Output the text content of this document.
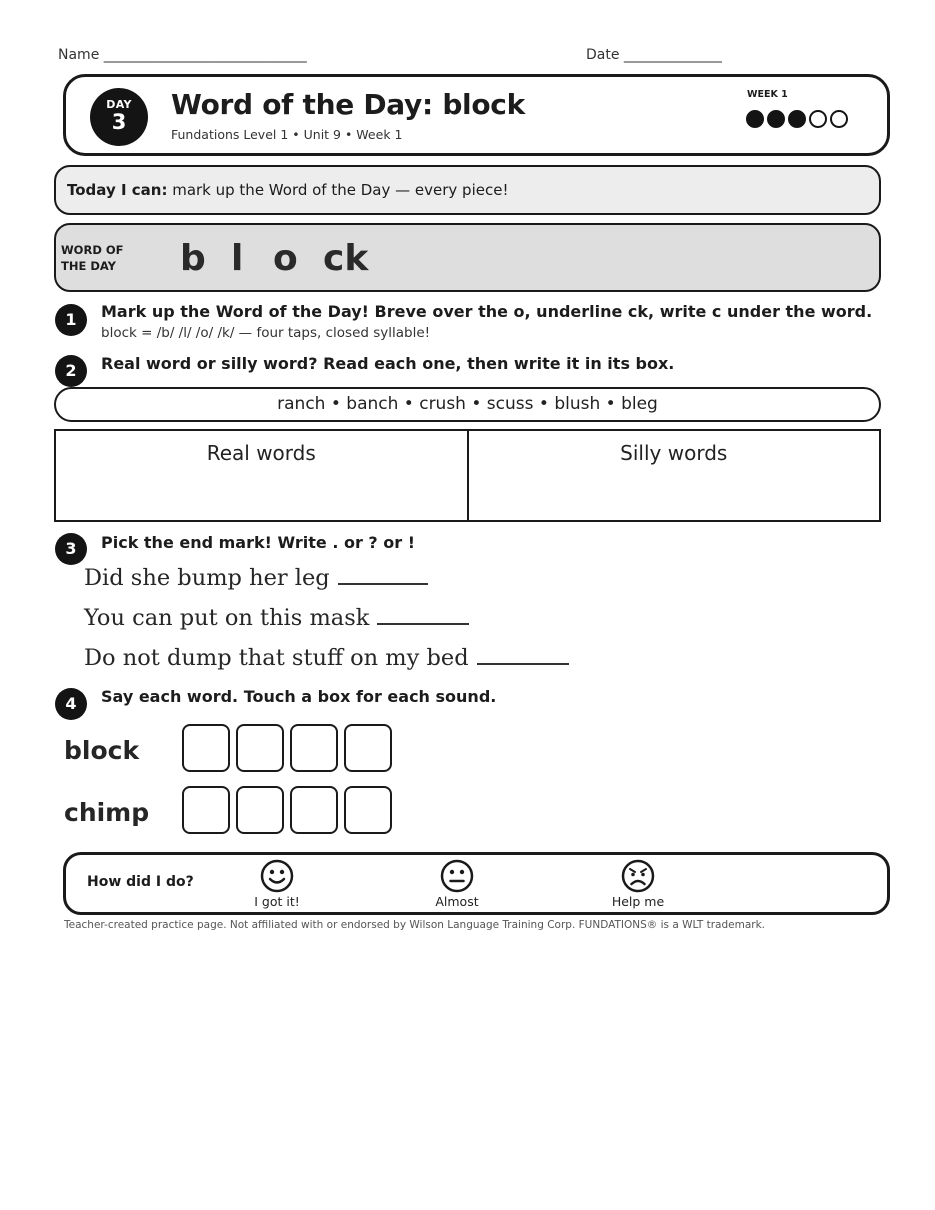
Name _____________________________	Date ______________
DAY
3
Word of the Day: block
Fundations Level 1 • Unit 9 • Week 1
WEEK 1
Today I can: mark up the Word of the Day — every piece!
WORD OF
THE DAY	b l o ck
1	Mark up the Word of the Day! Breve over the o, underline ck, write c under the word.
block = /b/ /l/ /o/ /k/ — four taps, closed syllable!
2	Real word or silly word? Read each one, then write it in its box.
ranch • banch • crush • scuss • blush • bleg
Real words	Silly words
3	Pick the end mark! Write . or ? or !
Did she bump her leg
You can put on this mask
Do not dump that stuff on my bed
4	Say each word. Touch a box for each sound.
block
chimp
How did I do?
I got it!	Almost	Help me
Teacher-created practice page. Not affiliated with or endorsed by Wilson Language Training Corp. FUNDATIONS® is a WLT trademark.
